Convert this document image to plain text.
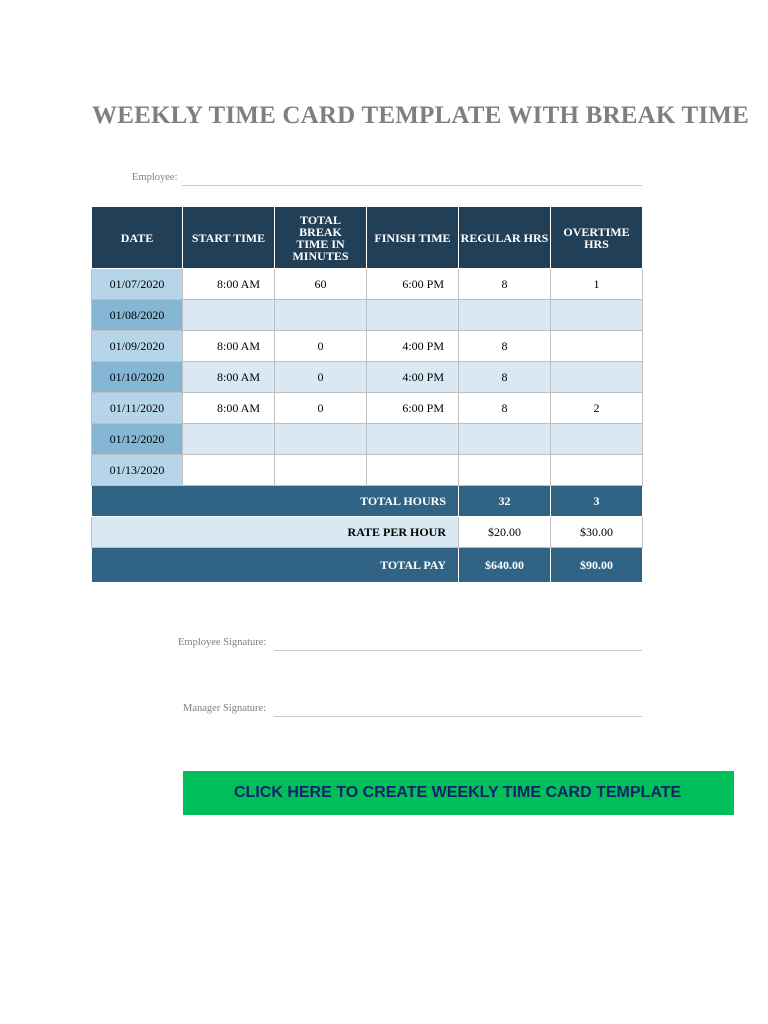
WEEKLY TIME CARD TEMPLATE WITH BREAK TIME
Employee:
DATE	START TIME	TOTAL BREAK TIME IN MINUTES	FINISH TIME	REGULAR HRS	OVERTIME HRS
01/07/2020	8:00 AM	60	6:00 PM	8	1
01/08/2020					
01/09/2020	8:00 AM	0	4:00 PM	8	
01/10/2020	8:00 AM	0	4:00 PM	8	
01/11/2020	8:00 AM	0	6:00 PM	8	2
01/12/2020					
01/13/2020					
TOTAL HOURS				32	3
RATE PER HOUR				$20.00	$30.00
TOTAL PAY				$640.00	$90.00
Employee Signature:
Manager Signature:
CLICK HERE TO CREATE WEEKLY TIME CARD TEMPLATE
